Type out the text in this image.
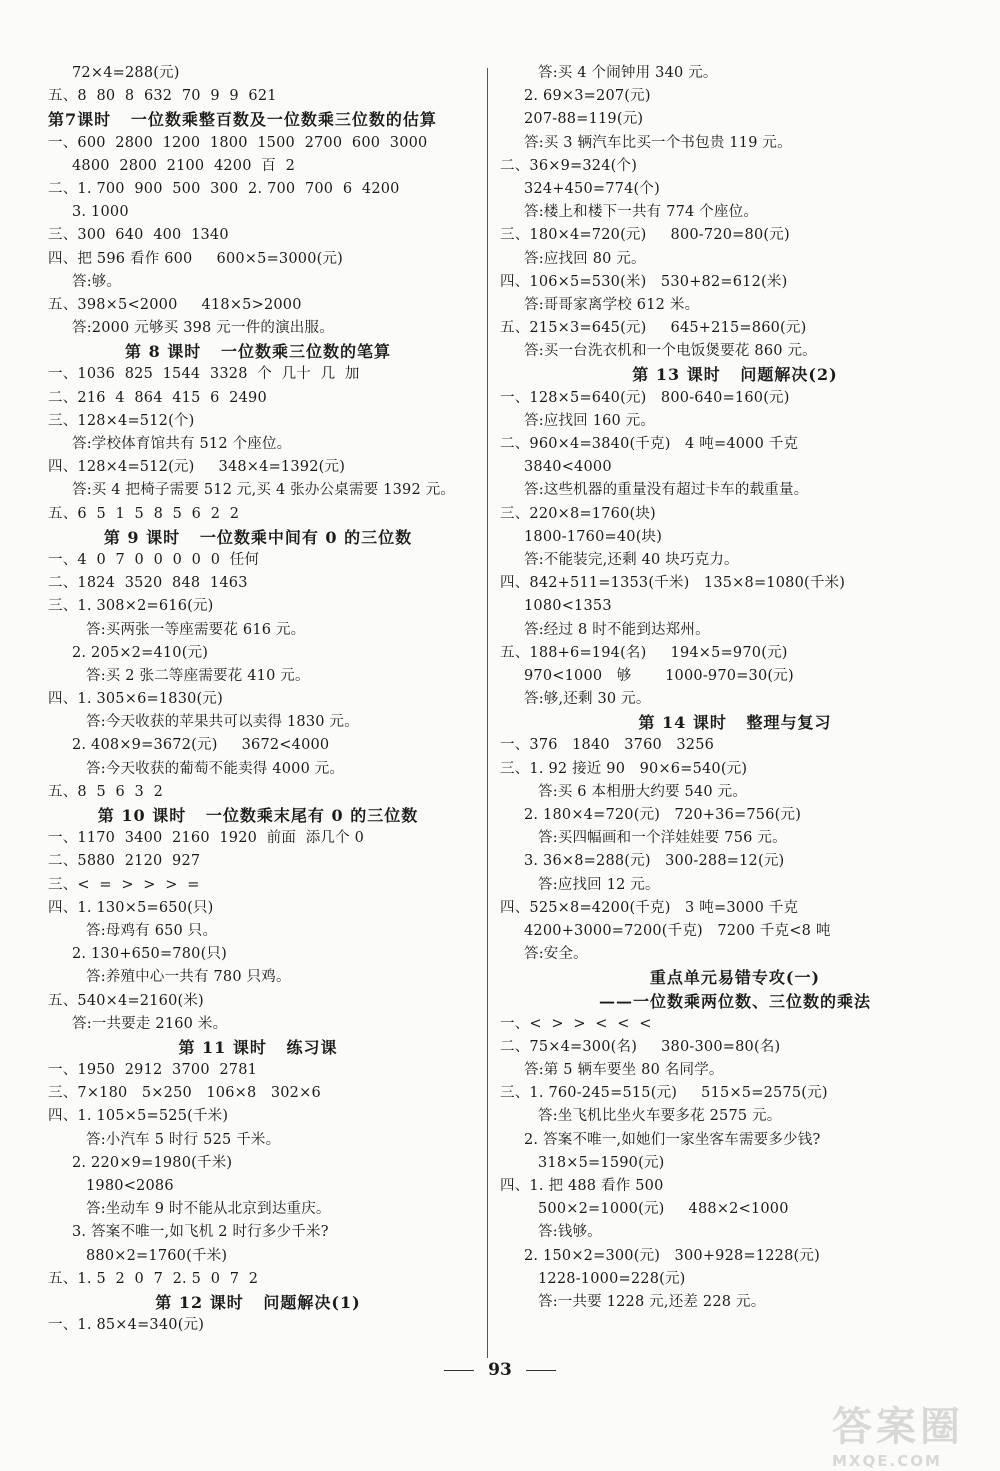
72×4=288(元)
五、8  80  8  632  70  9  9  621
第7课时   一位数乘整百数及一位数乘三位数的估算
一、600  2800  1200  1800  1500  2700  600  3000
4800  2800  2100  4200  百  2
二、1. 700  900  500  300  2. 700  700  6  4200
3. 1000
三、300  640  400  1340
四、把 596 看作 600     600×5=3000(元)
答:够。
五、398×5<2000     418×5>2000
答:2000 元够买 398 元一件的演出服。
第 8 课时   一位数乘三位数的笔算
一、1036  825  1544  3328  个  几十  几  加
二、216  4  864  415  6  2490
三、128×4=512(个)
答:学校体育馆共有 512 个座位。
四、128×4=512(元)     348×4=1392(元)
答:买 4 把椅子需要 512 元,买 4 张办公桌需要 1392 元。
五、6  5  1  5  8  5  6  2  2
第 9 课时   一位数乘中间有 0 的三位数
一、4  0  7  0  0  0  0  0  任何
二、1824  3520  848  1463
三、1. 308×2=616(元)
答:买两张一等座需要花 616 元。
2. 205×2=410(元)
答:买 2 张二等座需要花 410 元。
四、1. 305×6=1830(元)
答:今天收获的苹果共可以卖得 1830 元。
2. 408×9=3672(元)     3672<4000
答:今天收获的葡萄不能卖得 4000 元。
五、8  5  6  3  2
第 10 课时   一位数乘末尾有 0 的三位数
一、1170  3400  2160  1920  前面  添几个 0
二、5880  2120  927
三、<  =  >  >  >  =
四、1. 130×5=650(只)
答:母鸡有 650 只。
2. 130+650=780(只)
答:养殖中心一共有 780 只鸡。
五、540×4=2160(米)
答:一共要走 2160 米。
第 11 课时   练习课
一、1950  2912  3700  2781
三、7×180   5×250   106×8   302×6
四、1. 105×5=525(千米)
答:小汽车 5 时行 525 千米。
2. 220×9=1980(千米)
1980<2086
答:坐动车 9 时不能从北京到达重庆。
3. 答案不唯一,如飞机 2 时行多少千米?
880×2=1760(千米)
五、1. 5  2  0  7  2. 5  0  7  2
第 12 课时   问题解决(1)
一、1. 85×4=340(元)
答:买 4 个闹钟用 340 元。
2. 69×3=207(元)
207-88=119(元)
答:买 3 辆汽车比买一个书包贵 119 元。
二、36×9=324(个)
324+450=774(个)
答:楼上和楼下一共有 774 个座位。
三、180×4=720(元)     800-720=80(元)
答:应找回 80 元。
四、106×5=530(米)   530+82=612(米)
答:哥哥家离学校 612 米。
五、215×3=645(元)     645+215=860(元)
答:买一台洗衣机和一个电饭煲要花 860 元。
第 13 课时   问题解决(2)
一、128×5=640(元)   800-640=160(元)
答:应找回 160 元。
二、960×4=3840(千克)   4 吨=4000 千克
3840<4000
答:这些机器的重量没有超过卡车的载重量。
三、220×8=1760(块)
1800-1760=40(块)
答:不能装完,还剩 40 块巧克力。
四、842+511=1353(千米)   135×8=1080(千米)
1080<1353
答:经过 8 时不能到达郑州。
五、188+6=194(名)     194×5=970(元)
970<1000   够       1000-970=30(元)
答:够,还剩 30 元。
第 14 课时   整理与复习
一、376   1840   3760   3256
三、1. 92 接近 90   90×6=540(元)
答:买 6 本相册大约要 540 元。
2. 180×4=720(元)   720+36=756(元)
答:买四幅画和一个洋娃娃要 756 元。
3. 36×8=288(元)   300-288=12(元)
答:应找回 12 元。
四、525×8=4200(千克)   3 吨=3000 千克
4200+3000=7200(千克)   7200 千克<8 吨
答:安全。
重点单元易错专攻(一)
——一位数乘两位数、三位数的乘法
一、<  >  >  <  <  <
二、75×4=300(名)     380-300=80(名)
答:第 5 辆车要坐 80 名同学。
三、1. 760-245=515(元)     515×5=2575(元)
答:坐飞机比坐火车要多花 2575 元。
2. 答案不唯一,如她们一家坐客车需要多少钱?
318×5=1590(元)
四、1. 把 488 看作 500
500×2=1000(元)     488×2<1000
答:钱够。
2. 150×2=300(元)   300+928=1228(元)
1228-1000=228(元)
答:一共要 1228 元,还差 228 元。
93
答案圈
MXQE.COM
